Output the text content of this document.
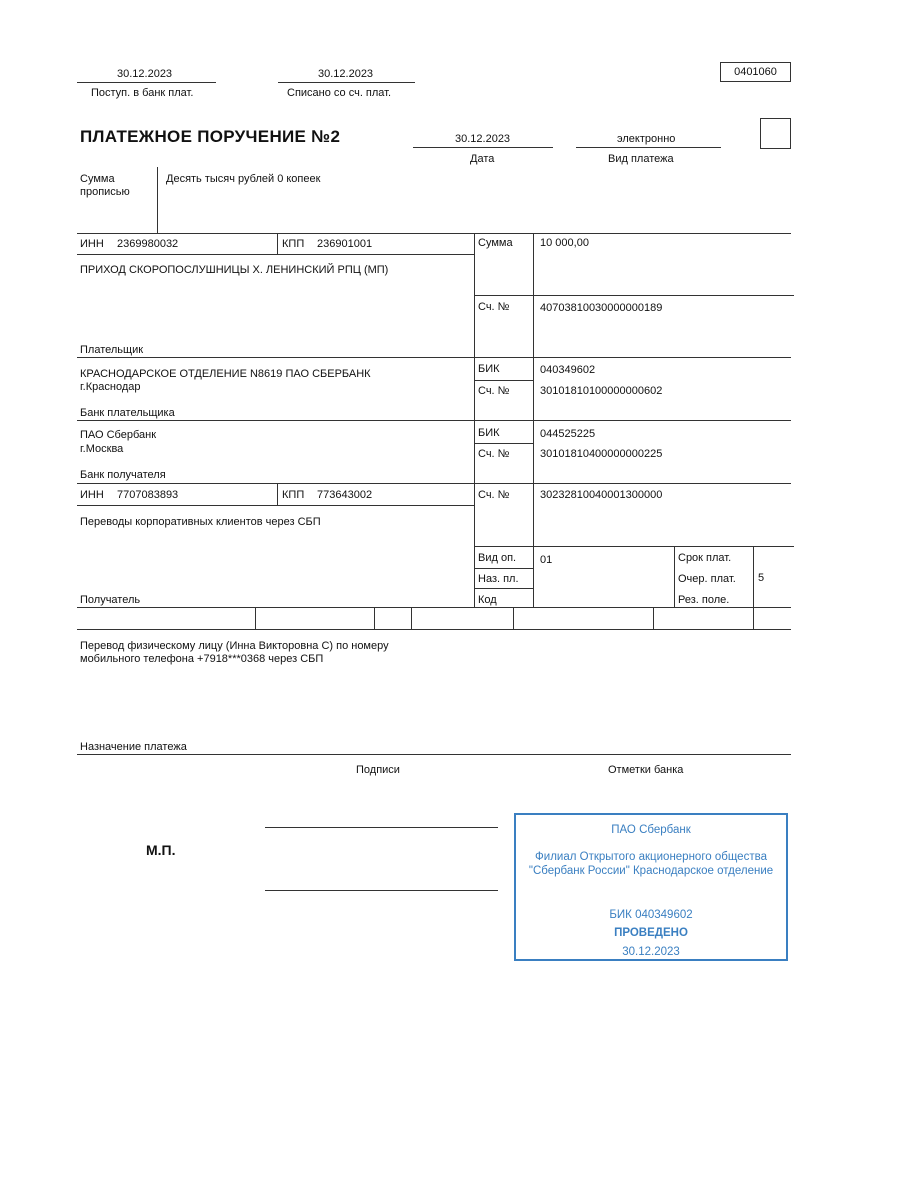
30.12.2023
Поступ. в банк плат.
30.12.2023
Списано со сч. плат.
0401060
ПЛАТЕЖНОЕ ПОРУЧЕНИЕ №2	30.12.2023
Дата
электронно
Вид платежа
Сумма
прописью
Десять тысяч рублей 0 копеек
ИНН 2369980032	КПП 236901001
ПРИХОД СКОРОПОСЛУШНИЦЫ Х. ЛЕНИНСКИЙ РПЦ (МП)
Плательщик
Сумма 10 000,00
Сч. №	40703810030000000189
КРАСНОДАРСКОЕ ОТДЕЛЕНИЕ N8619 ПАО СБЕРБАНК
г.Краснодар
Банк плательщика
БИК	040349602
Сч. №	30101810100000000602
ПАО Сбербанк
г.Москва
Банк получателя
БИК	044525225
Сч. №	30101810400000000225
ИНН 7707083893	КПП 773643002
Переводы корпоративных клиентов через СБП
Получатель
Сч. №	30232810040001300000
Вид оп. 01
Наз. пл.
Код
Срок плат.
Очер. плат. 5
Рез. поле.
Перевод физическому лицу (Инна Викторовна С) по номеру
мобильного телефона +7918***0368 через СБП
Назначение платежа
Подписи	Отметки банка
М.П.
ПАО Сбербанк
Филиал Открытого акционерного общества
"Сбербанк России" Краснодарское отделение
БИК 040349602
ПРОВЕДЕНО
30.12.2023
